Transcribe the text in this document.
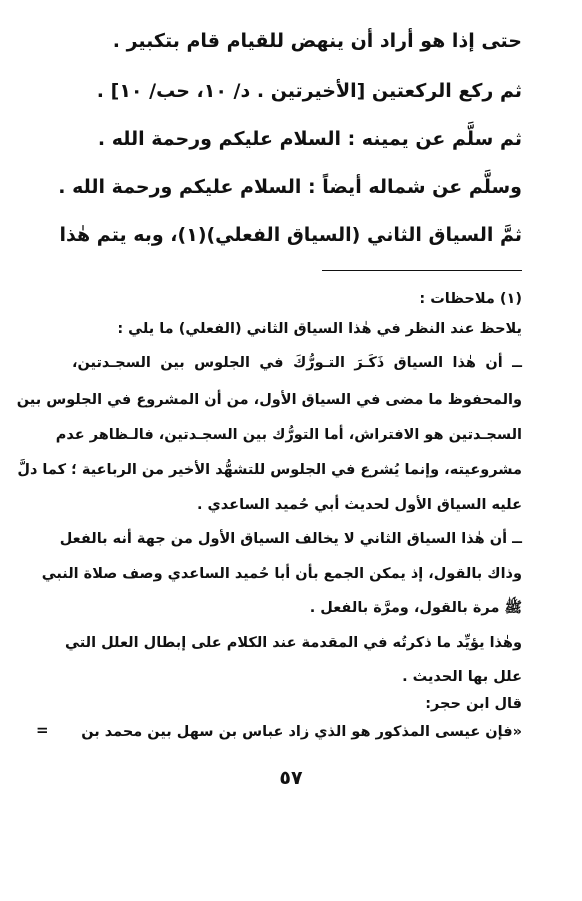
حتى إذا هو أراد أن ينهض للقيام قام بتكبير .

ثم ركع الركعتين [الأخيرتين . د/ ١٠، حب/ ١٠] .

ثم سلَّم عن يمينه : السلام عليكم ورحمة الله .

وسلَّم عن شماله أيضاً : السلام عليكم ورحمة الله .

ثمَّ السياق الثاني (السياق الفعلي)(١)، وبه يتم هٰذا

(١) ملاحظات :

يلاحظ عند النظر في هٰذا السياق الثاني (الفعلي) ما يلي :

ــ أن هٰذا السياق ذَكَـرَ التـورُّكَ في الجلوس بين السجـدتين،

والمحفوظ ما مضى في السياق الأول، من أن المشروع في الجلوس بين

السجـدتين هو الافتراش، أما التورُّك بين السجـدتين، فالـظاهر عدم

مشروعيته، وإنما يُشرع في الجلوس للتشهُّد الأخير من الرباعية ؛ كما دلَّ

عليه السياق الأول لحديث أبي حُميد الساعدي .

ــ أن هٰذا السياق الثاني لا يخالف السياق الأول من جهة أنه بالفعل

وذاك بالقول، إذ يمكن الجمع بأن أبا حُميد الساعدي وصف صلاة النبي

ﷺ مرة بالقول، ومرَّة بالفعل .

وهٰذا يؤيِّد ما ذكرتُه في المقدمة عند الكلام على إبطال العلل التي

علل بها الحديث .

قال ابن حجر:

«فإن عيسى المذكور هو الذي زاد عباس بن سهل بين محمد بن

=
٥٧
